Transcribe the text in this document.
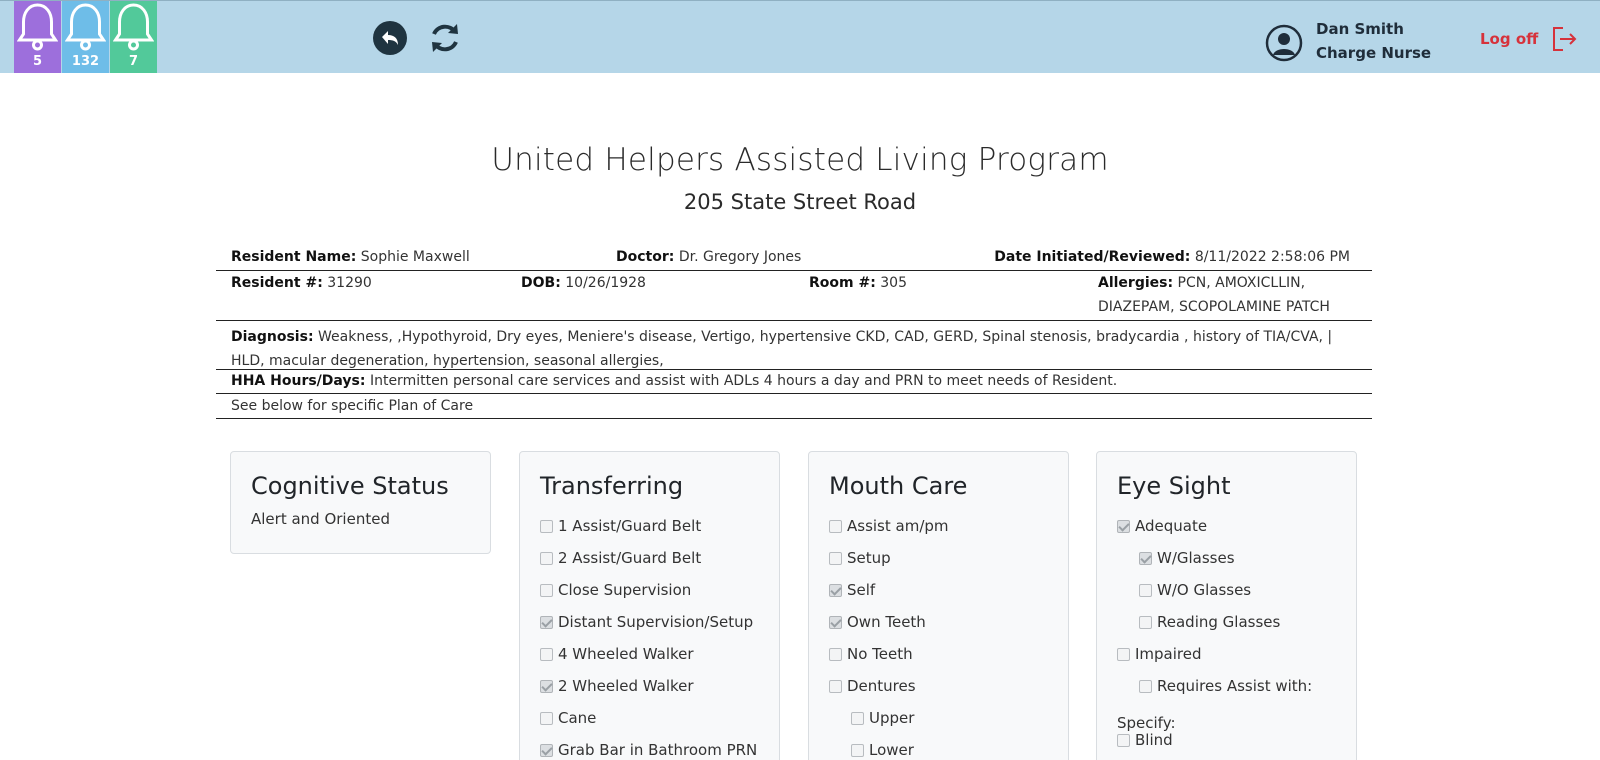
5	132	7
Dan Smith
Charge Nurse
Log off
United Helpers Assisted Living Program
205 State Street Road
Resident Name: Sophie Maxwell	Doctor: Dr. Gregory Jones	Date Initiated/Reviewed: 8/11/2022 2:58:06 PM
Resident #: 31290	DOB: 10/26/1928	Room #: 305	Allergies: PCN, AMOXICLLIN, DIAZEPAM, SCOPOLAMINE PATCH
Diagnosis: Weakness, ,Hypothyroid, Dry eyes, Meniere's disease, Vertigo, hypertensive CKD, CAD, GERD, Spinal stenosis, bradycardia , history of TIA/CVA, | HLD, macular degeneration, hypertension, seasonal allergies,
HHA Hours/Days: Intermitten personal care services and assist with ADLs 4 hours a day and PRN to meet needs of Resident.
See below for specific Plan of Care
Cognitive Status
Alert and Oriented
Transferring
1 Assist/Guard Belt
2 Assist/Guard Belt
Close Supervision
Distant Supervision/Setup
4 Wheeled Walker
2 Wheeled Walker
Cane
Grab Bar in Bathroom PRN
Mouth Care
Assist am/pm
Setup
Self
Own Teeth
No Teeth
Dentures
Upper
Lower
Eye Sight
Adequate
W/Glasses
W/O Glasses
Reading Glasses
Impaired
Requires Assist with:
Specify:
Blind
